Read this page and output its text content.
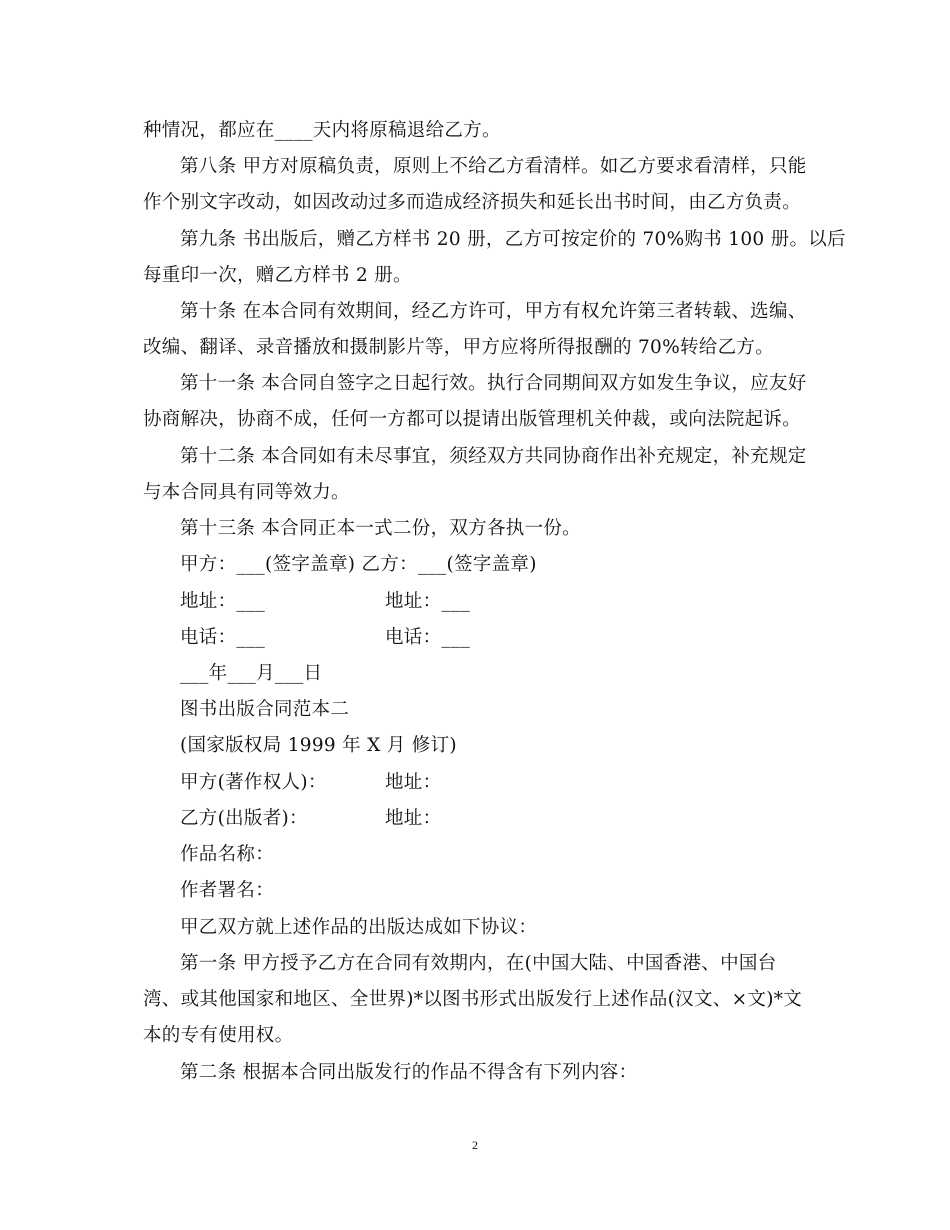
种情况，都应在____天内将原稿退给乙方。
第八条 甲方对原稿负责，原则上不给乙方看清样。如乙方要求看清样，只能
作个别文字改动，如因改动过多而造成经济损失和延长出书时间，由乙方负责。
第九条 书出版后，赠乙方样书 20 册，乙方可按定价的 70%购书 100 册。以后
每重印一次，赠乙方样书 2 册。
第十条 在本合同有效期间，经乙方许可，甲方有权允许第三者转载、选编、
改编、翻译、录音播放和摄制影片等，甲方应将所得报酬的 70%转给乙方。
第十一条 本合同自签字之日起行效。执行合同期间双方如发生争议，应友好
协商解决，协商不成，任何一方都可以提请出版管理机关仲裁，或向法院起诉。
第十二条 本合同如有未尽事宜，须经双方共同协商作出补充规定，补充规定
与本合同具有同等效力。
第十三条 本合同正本一式二份，双方各执一份。
甲方：___(签字盖章) 乙方：___(签字盖章)
地址：___	地址：___
电话：___	电话：___
___年___月___日
图书出版合同范本二
(国家版权局 1999 年 X 月 修订)
甲方(著作权人)：	地址：
乙方(出版者)：	地址：
作品名称：
作者署名：
甲乙双方就上述作品的出版达成如下协议：
第一条 甲方授予乙方在合同有效期内，在(中国大陆、中国香港、中国台
湾、或其他国家和地区、全世界)*以图书形式出版发行上述作品(汉文、×文)*文
本的专有使用权。
第二条 根据本合同出版发行的作品不得含有下列内容：
2
